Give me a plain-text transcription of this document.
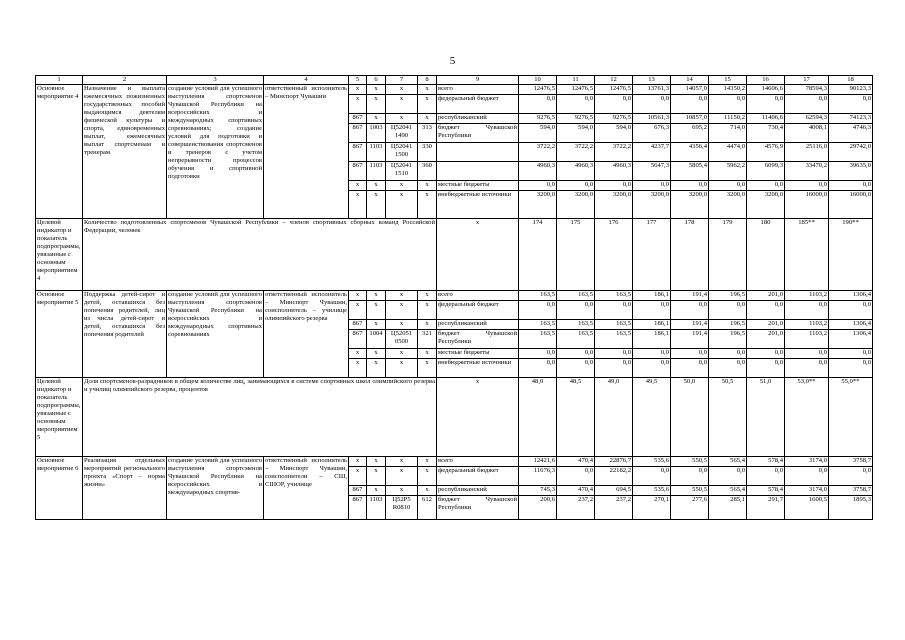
5
1	2	3	4	5	6	7	8	9	10	11	12	13	14	15	16	17	18
Основное мероприятие 4	Назначение и выплата ежемесячных пожизненных государственных пособий выдающимся деятелям физической культуры и спорта, единовременных выплат, ежемесячных выплат спортсменам и тренерам	создание условий для успешного выступления спортсменов Чувашской Республики на всероссийских и международных спортивных соревнованиях; создание условий для подготовки и совершенствования спортсменов и тренеров с учетом непрерывности процессов обучения и спортивной подготовки	ответственный исполнитель – Минспорт Чувашии	х	х	х	х	всего	12476,5	12476,5	12476,5	13761,3	14057,0	14350,2	14606,6	78594,3	90123,3
				х	х	х	х	федеральный бюджет	0,0	0,0	0,0	0,0	0,0	0,0	0,0	0,0	0,0
				867	х	х	х	республиканский	9276,5	9276,5	9276,5	10561,3	10857,0	11150,2	11406,6	62594,3	74123,3
				867	1003	Ц52041 1490	313	бюджет Чувашской Республики	594,0	594,0	594,0	676,3	695,2	714,0	730,4	4008,1	4746,3
				867	1103	Ц52041 1500	330		3722,2	3722,2	3722,2	4237,7	4356,4	4474,0	4576,9	25116,0	29742,0
				867	1103	Ц52041 1510	360		4960,3	4960,3	4960,3	5647,3	5805,4	5962,2	6099,3	33470,2	39635,0
				х	х	х	х	местные бюджеты	0,0	0,0	0,0	0,0	0,0	0,0	0,0	0,0	0,0
				х	х	х	х	внебюджетные источники	3200,0	3200,0	3200,0	3200,0	3200,0	3200,0	3200,0	16000,0	16000,0
Целевой индикатор и показатель подпрограммы, увязанные с основным мероприятием 4	Количество подготовленных спортсменов Чувашской Республики – членов спортивных сборных команд Российской Федерации, человек							х	174	175	176	177	178	179	180	185**	190**
Основное мероприятие 5	Поддержка детей-сирот и детей, оставшихся без попечения родителей, лиц из числа детей-сирот и детей, оставшихся без попечения родителей	создание условий для успешного выступления спортсменов Чувашской Республики на всероссийских и международных спортивных соревнованиях	ответственный исполнитель – Минспорт Чувашии, соисполнитель – училище олимпийского резерва	х	х	х	х	всего	163,5	163,5	163,5	186,1	191,4	196,5	201,0	1103,2	1306,4
				х	х	х	х	федеральный бюджет	0,0	0,0	0,0	0,0	0,0	0,0	0,0	0,0	0,0
				867	х	х	х	республиканский	163,5	163,5	163,5	186,1	191,4	196,5	201,0	1103,2	1306,4
				867	1004	Ц52051 0500	321	бюджет Чувашской Республики	163,5	163,5	163,5	186,1	191,4	196,5	201,0	1103,2	1306,4
				х	х	х	х	местные бюджеты	0,0	0,0	0,0	0,0	0,0	0,0	0,0	0,0	0,0
				х	х	х	х	внебюджетные источники	0,0	0,0	0,0	0,0	0,0	0,0	0,0	0,0	0,0
Целевой индикатор и показатель подпрограммы, увязанные с основным мероприятием 5	Доля спортсменов-разрядников в общем количестве лиц, занимающихся в системе спортивных школ олимпийского резерва и училищ олимпийского резерва, процентов							х	48,0	48,5	49,0	49,5	50,0	50,5	51,0	53,0**	55,0**
Основное мероприятие 6	Реализация отдельных мероприятий регионального проекта «Спорт – норма жизни»	создание условий для успешного выступления спортсменов Чувашской Республики на всероссийских и международных спортив-	ответственный исполнитель – Минспорт Чувашии, соисполнители – СШ, СШОР, училище	х	х	х	х	всего	12421,6	470,4	22876,7	535,6	550,5	565,4	578,4	3174,0	3758,7
				х	х	х	х	федеральный бюджет	11676,3	0,0	22182,2	0,0	0,0	0,0	0,0	0,0	0,0
				867	х	х	х	республиканский	745,3	470,4	694,5	535,6	550,5	565,4	578,4	3174,0	3758,7
				867	1103	Ц52Р5 R0810	612	бюджет Чувашской Республики	200,6	237,2	237,2	270,1	277,6	285,1	291,7	1600,5	1895,3
